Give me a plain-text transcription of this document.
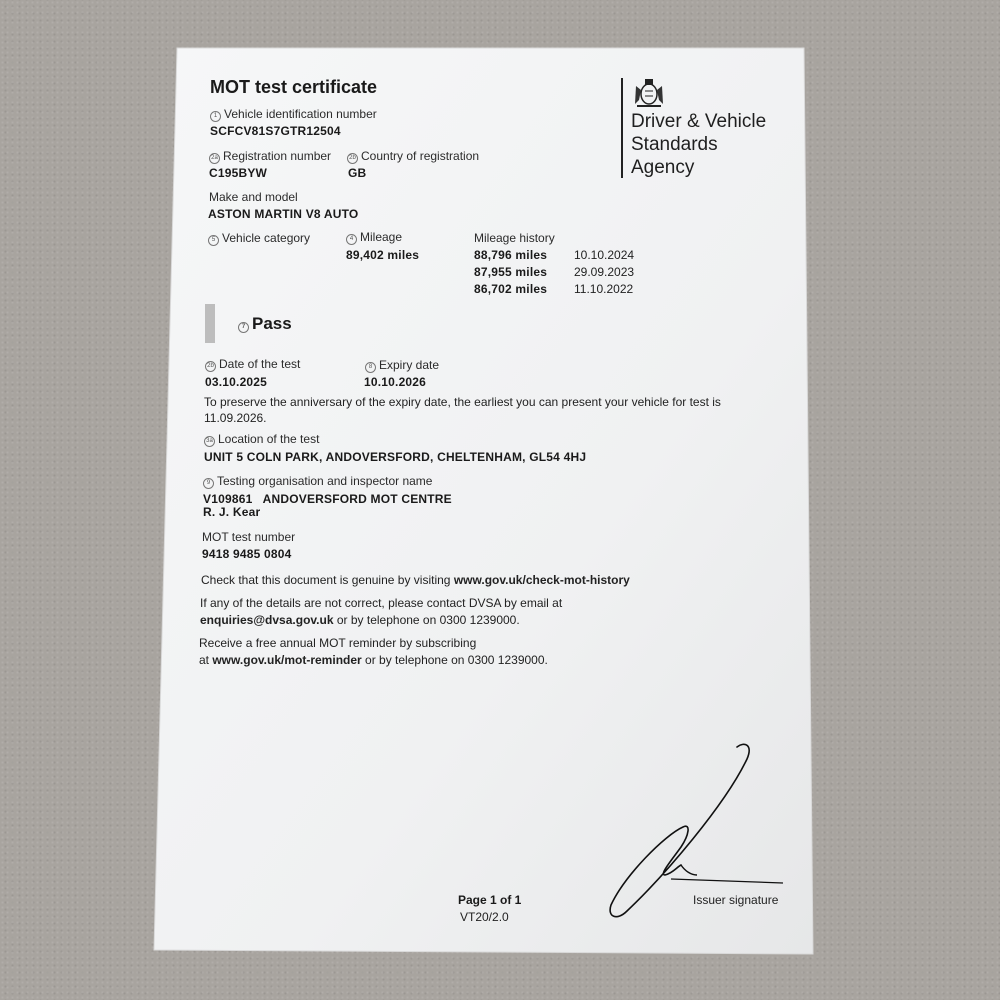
MOT test certificate
Driver & Vehicle
Standards
Agency
1 Vehicle identification number
SCFCV81S7GTR12504
2a Registration number
C195BYW
2b Country of registration
GB
Make and model
ASTON MARTIN V8 AUTO
5 Vehicle category	4 Mileage
89,402 miles
Mileage history
88,796 miles 10.10.2024
87,955 miles 29.09.2023
86,702 miles 11.10.2022
7 Pass
2b Date of the test
03.10.2025
8 Expiry date
10.10.2026
To preserve the anniversary of the expiry date, the earliest you can present your vehicle for test is
11.09.2026.
3a Location of the test
UNIT 5 COLN PARK, ANDOVERSFORD, CHELTENHAM, GL54 4HJ
9 Testing organisation and inspector name
V109861   ANDOVERSFORD MOT CENTRE
R. J. Kear
MOT test number
9418 9485 0804
Check that this document is genuine by visiting www.gov.uk/check-mot-history
If any of the details are not correct, please contact DVSA by email at
enquiries@dvsa.gov.uk or by telephone on 0300 1239000.
Receive a free annual MOT reminder by subscribing
at www.gov.uk/mot-reminder or by telephone on 0300 1239000.
Issuer signature
Page 1 of 1
VT20/2.0
